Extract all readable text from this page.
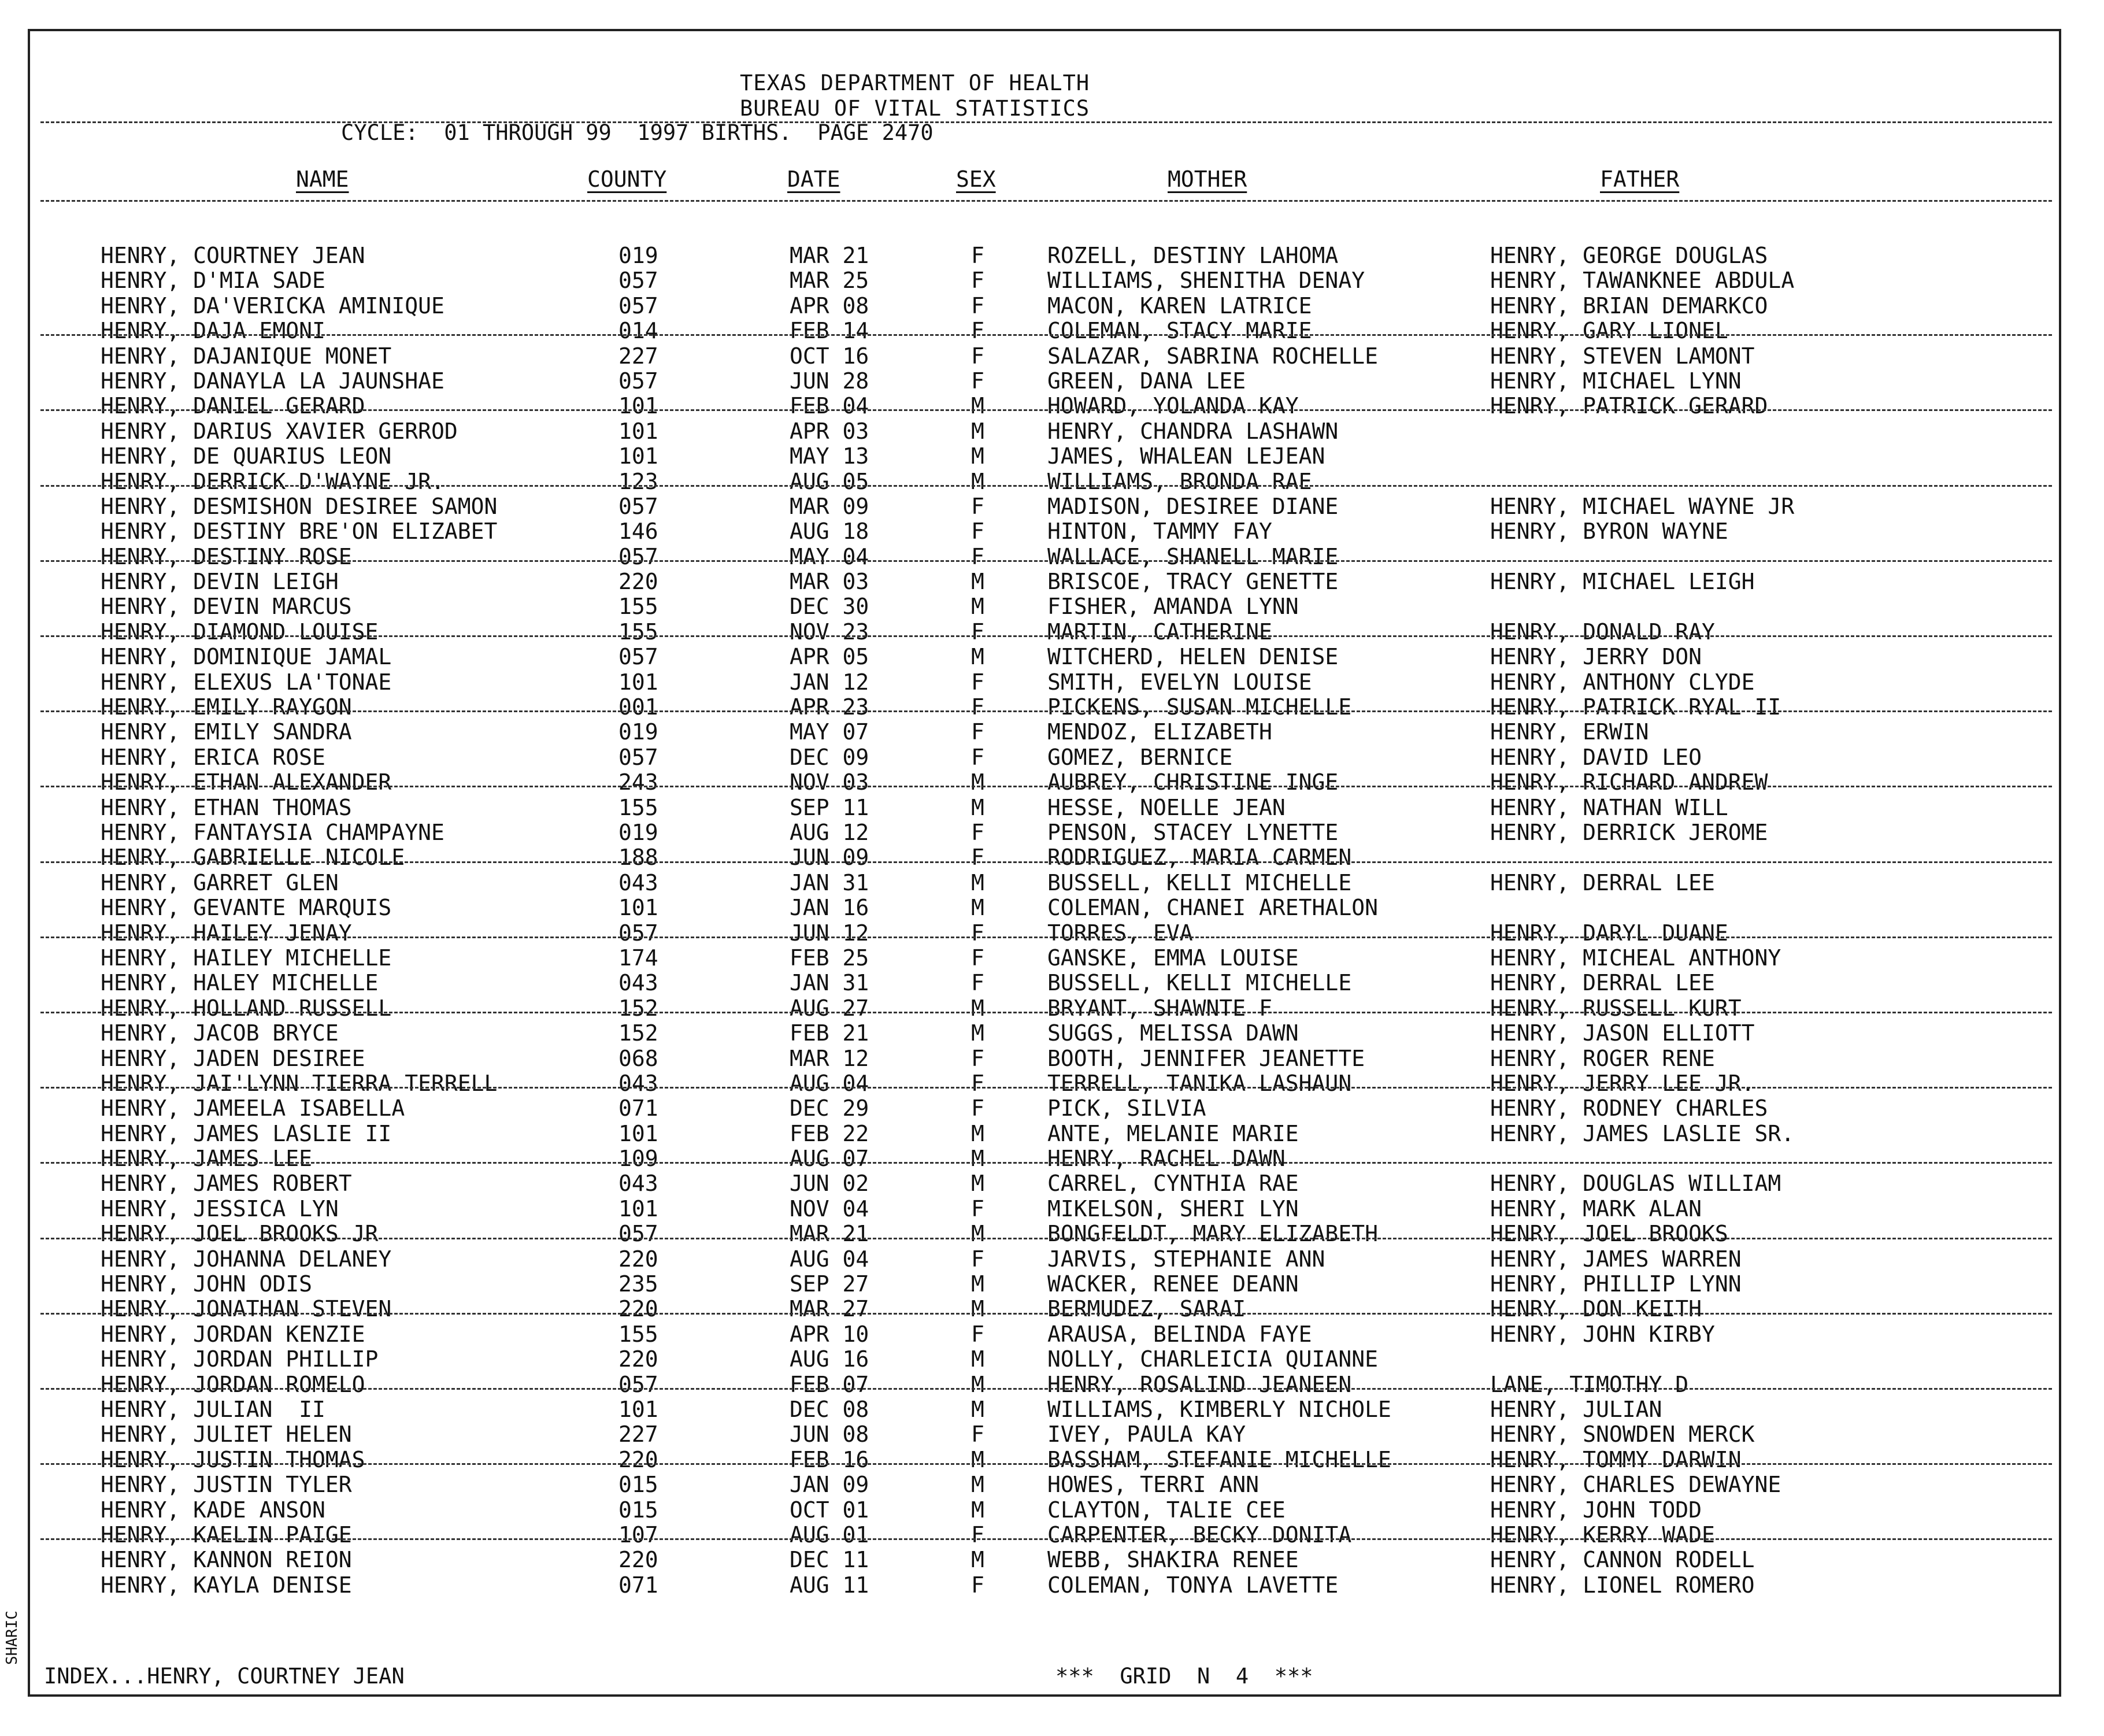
TEXAS DEPARTMENT OF HEALTH
BUREAU OF VITAL STATISTICS
CYCLE:  01 THROUGH 99  1997 BIRTHS.  PAGE 2470
NAME	COUNTY	DATE	SEX	MOTHER	FATHER
HENRY, COURTNEY JEAN	019	MAR 21	F	ROZELL, DESTINY LAHOMA	HENRY, GEORGE DOUGLAS
HENRY, D'MIA SADE	057	MAR 25	F	WILLIAMS, SHENITHA DENAY	HENRY, TAWANKNEE ABDULA
HENRY, DA'VERICKA AMINIQUE	057	APR 08	F	MACON, KAREN LATRICE	HENRY, BRIAN DEMARKCO
HENRY, DAJA EMONI	014	FEB 14	F	COLEMAN, STACY MARIE	HENRY, GARY LIONEL
HENRY, DAJANIQUE MONET	227	OCT 16	F	SALAZAR, SABRINA ROCHELLE	HENRY, STEVEN LAMONT
HENRY, DANAYLA LA JAUNSHAE	057	JUN 28	F	GREEN, DANA LEE	HENRY, MICHAEL LYNN
HENRY, DANIEL GERARD	101	FEB 04	M	HOWARD, YOLANDA KAY	HENRY, PATRICK GERARD
HENRY, DARIUS XAVIER GERROD	101	APR 03	M	HENRY, CHANDRA LASHAWN
HENRY, DE QUARIUS LEON	101	MAY 13	M	JAMES, WHALEAN LEJEAN
HENRY, DERRICK D'WAYNE JR.	123	AUG 05	M	WILLIAMS, BRONDA RAE
HENRY, DESMISHON DESIREE SAMON	057	MAR 09	F	MADISON, DESIREE DIANE	HENRY, MICHAEL WAYNE JR
HENRY, DESTINY BRE'ON ELIZABET	146	AUG 18	F	HINTON, TAMMY FAY	HENRY, BYRON WAYNE
HENRY, DESTINY ROSE	057	MAY 04	F	WALLACE, SHANELL MARIE
HENRY, DEVIN LEIGH	220	MAR 03	M	BRISCOE, TRACY GENETTE	HENRY, MICHAEL LEIGH
HENRY, DEVIN MARCUS	155	DEC 30	M	FISHER, AMANDA LYNN
HENRY, DIAMOND LOUISE	155	NOV 23	F	MARTIN, CATHERINE	HENRY, DONALD RAY
HENRY, DOMINIQUE JAMAL	057	APR 05	M	WITCHERD, HELEN DENISE	HENRY, JERRY DON
HENRY, ELEXUS LA'TONAE	101	JAN 12	F	SMITH, EVELYN LOUISE	HENRY, ANTHONY CLYDE
HENRY, EMILY RAYGON	001	APR 23	F	PICKENS, SUSAN MICHELLE	HENRY, PATRICK RYAL II
HENRY, EMILY SANDRA	019	MAY 07	F	MENDOZ, ELIZABETH	HENRY, ERWIN
HENRY, ERICA ROSE	057	DEC 09	F	GOMEZ, BERNICE	HENRY, DAVID LEO
HENRY, ETHAN ALEXANDER	243	NOV 03	M	AUBREY, CHRISTINE INGE	HENRY, RICHARD ANDREW
HENRY, ETHAN THOMAS	155	SEP 11	M	HESSE, NOELLE JEAN	HENRY, NATHAN WILL
HENRY, FANTAYSIA CHAMPAYNE	019	AUG 12	F	PENSON, STACEY LYNETTE	HENRY, DERRICK JEROME
HENRY, GABRIELLE NICOLE	188	JUN 09	F	RODRIGUEZ, MARIA CARMEN
HENRY, GARRET GLEN	043	JAN 31	M	BUSSELL, KELLI MICHELLE	HENRY, DERRAL LEE
HENRY, GEVANTE MARQUIS	101	JAN 16	M	COLEMAN, CHANEI ARETHALON
HENRY, HAILEY JENAY	057	JUN 12	F	TORRES, EVA	HENRY, DARYL DUANE
HENRY, HAILEY MICHELLE	174	FEB 25	F	GANSKE, EMMA LOUISE	HENRY, MICHEAL ANTHONY
HENRY, HALEY MICHELLE	043	JAN 31	F	BUSSELL, KELLI MICHELLE	HENRY, DERRAL LEE
HENRY, HOLLAND RUSSELL	152	AUG 27	M	BRYANT, SHAWNTE F	HENRY, RUSSELL KURT
HENRY, JACOB BRYCE	152	FEB 21	M	SUGGS, MELISSA DAWN	HENRY, JASON ELLIOTT
HENRY, JADEN DESIREE	068	MAR 12	F	BOOTH, JENNIFER JEANETTE	HENRY, ROGER RENE
HENRY, JAI'LYNN TIERRA TERRELL	043	AUG 04	F	TERRELL, TANIKA LASHAUN	HENRY, JERRY LEE JR.
HENRY, JAMEELA ISABELLA	071	DEC 29	F	PICK, SILVIA	HENRY, RODNEY CHARLES
HENRY, JAMES LASLIE II	101	FEB 22	M	ANTE, MELANIE MARIE	HENRY, JAMES LASLIE SR.
HENRY, JAMES LEE	109	AUG 07	M	HENRY, RACHEL DAWN
HENRY, JAMES ROBERT	043	JUN 02	M	CARREL, CYNTHIA RAE	HENRY, DOUGLAS WILLIAM
HENRY, JESSICA LYN	101	NOV 04	F	MIKELSON, SHERI LYN	HENRY, MARK ALAN
HENRY, JOEL BROOKS JR	057	MAR 21	M	BONGFELDT, MARY ELIZABETH	HENRY, JOEL BROOKS
HENRY, JOHANNA DELANEY	220	AUG 04	F	JARVIS, STEPHANIE ANN	HENRY, JAMES WARREN
HENRY, JOHN ODIS	235	SEP 27	M	WACKER, RENEE DEANN	HENRY, PHILLIP LYNN
HENRY, JONATHAN STEVEN	220	MAR 27	M	BERMUDEZ, SARAI	HENRY, DON KEITH
HENRY, JORDAN KENZIE	155	APR 10	F	ARAUSA, BELINDA FAYE	HENRY, JOHN KIRBY
HENRY, JORDAN PHILLIP	220	AUG 16	M	NOLLY, CHARLEICIA QUIANNE
HENRY, JORDAN ROMELO	057	FEB 07	M	HENRY, ROSALIND JEANEEN	LANE, TIMOTHY D
HENRY, JULIAN  II	101	DEC 08	M	WILLIAMS, KIMBERLY NICHOLE	HENRY, JULIAN
HENRY, JULIET HELEN	227	JUN 08	F	IVEY, PAULA KAY	HENRY, SNOWDEN MERCK
HENRY, JUSTIN THOMAS	220	FEB 16	M	BASSHAM, STEFANIE MICHELLE	HENRY, TOMMY DARWIN
HENRY, JUSTIN TYLER	015	JAN 09	M	HOWES, TERRI ANN	HENRY, CHARLES DEWAYNE
HENRY, KADE ANSON	015	OCT 01	M	CLAYTON, TALIE CEE	HENRY, JOHN TODD
HENRY, KAELIN PAIGE	107	AUG 01	F	CARPENTER, BECKY DONITA	HENRY, KERRY WADE
HENRY, KANNON REION	220	DEC 11	M	WEBB, SHAKIRA RENEE	HENRY, CANNON RODELL
HENRY, KAYLA DENISE	071	AUG 11	F	COLEMAN, TONYA LAVETTE	HENRY, LIONEL ROMERO
INDEX...HENRY, COURTNEY JEAN	***  GRID  N  4  ***
SHARIC
